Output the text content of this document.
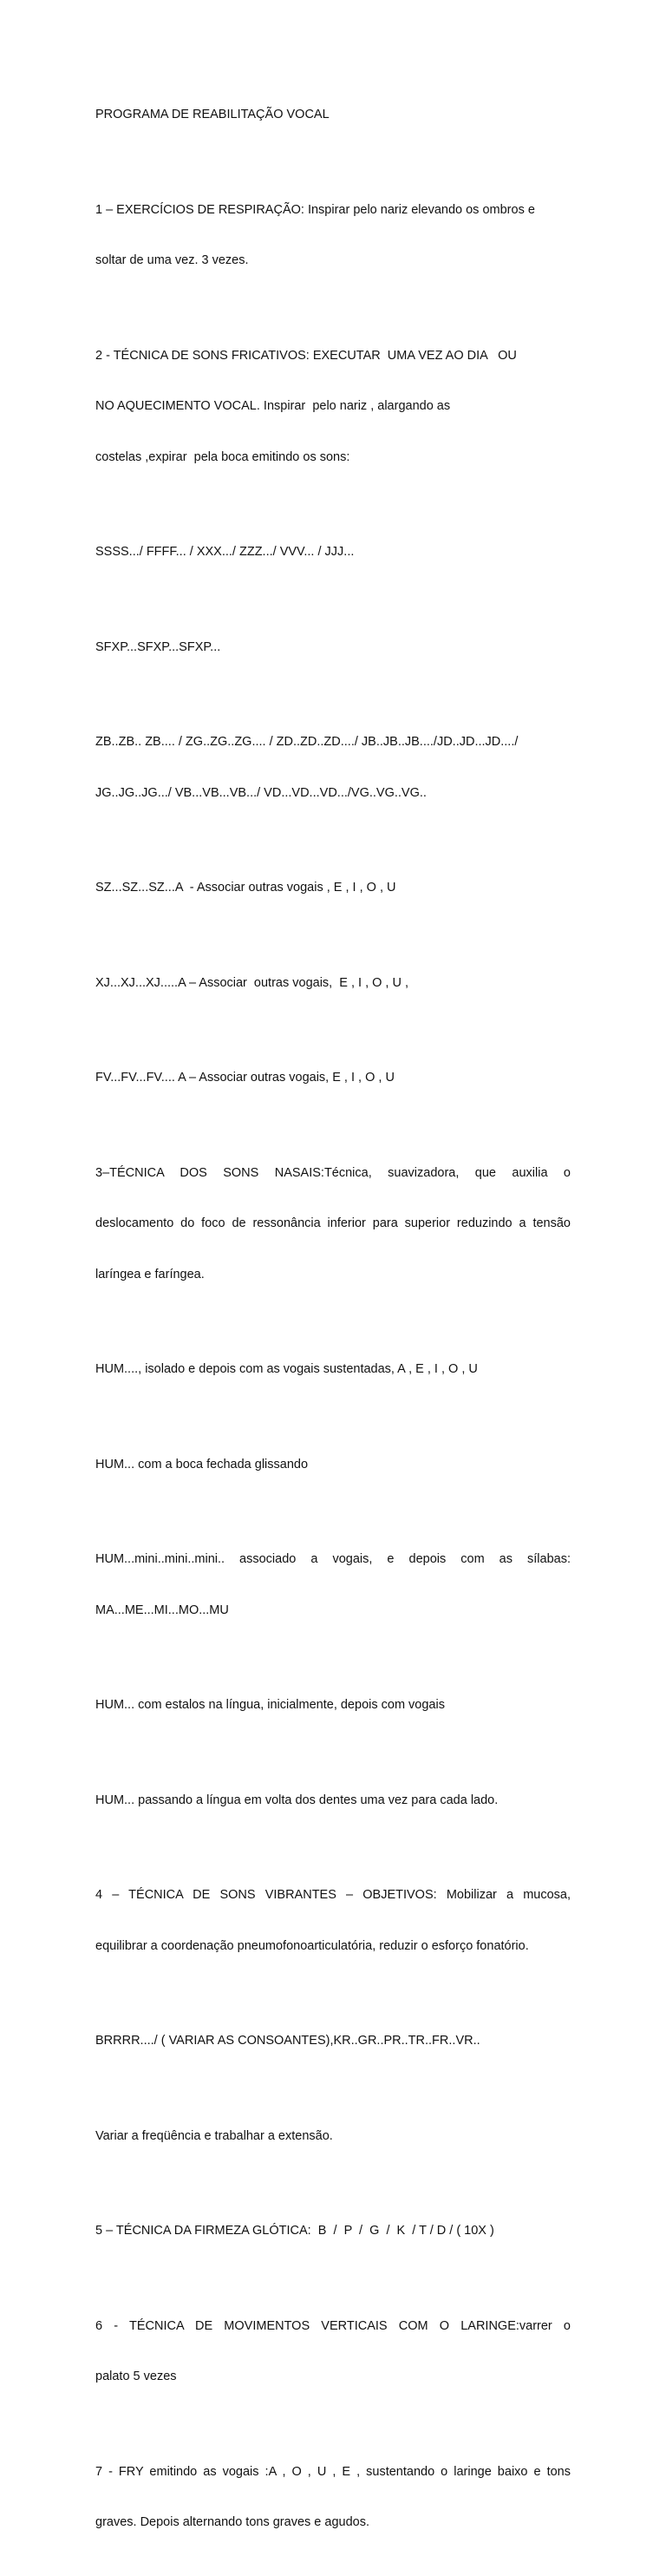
PROGRAMA DE REABILITAÇÃO VOCAL

1 – EXERCÍCIOS DE RESPIRAÇÃO: Inspirar pelo nariz elevando os ombros e

soltar de uma vez. 3 vezes.

2 - TÉCNICA DE SONS FRICATIVOS: EXECUTAR  UMA VEZ AO DIA   OU

NO AQUECIMENTO VOCAL. Inspirar  pelo nariz , alargando as

costelas ,expirar  pela boca emitindo os sons:

SSSS.../ FFFF... / XXX.../ ZZZ.../ VVV... / JJJ...

SFXP...SFXP...SFXP...

ZB..ZB.. ZB.... / ZG..ZG..ZG.... / ZD..ZD..ZD..../ JB..JB..JB..../JD..JD...JD..../

JG..JG..JG.../ VB...VB...VB.../ VD...VD...VD.../VG..VG..VG..

SZ...SZ...SZ...A  - Associar outras vogais , E , I , O , U

XJ...XJ...XJ.....A – Associar  outras vogais,  E , I , O , U ,

FV...FV...FV.... A – Associar outras vogais, E , I , O , U

3–TÉCNICA DOS SONS NASAIS:Técnica, suavizadora, que auxilia o

deslocamento do foco de ressonância inferior para superior reduzindo a tensão

laríngea e faríngea.

HUM...., isolado e depois com as vogais sustentadas, A , E , I , O , U

HUM... com a boca fechada glissando

HUM...mini..mini..mini.. associado a vogais, e depois com as sílabas:

MA...ME...MI...MO...MU

HUM... com estalos na língua, inicialmente, depois com vogais

HUM... passando a língua em volta dos dentes uma vez para cada lado.

4 – TÉCNICA DE SONS VIBRANTES – OBJETIVOS: Mobilizar a mucosa,

equilibrar a coordenação pneumofonoarticulatória, reduzir o esforço fonatório.

BRRRR..../ ( VARIAR AS CONSOANTES),KR..GR..PR..TR..FR..VR..

Variar a freqüência e trabalhar a extensão.

5 – TÉCNICA DA FIRMEZA GLÓTICA:  B  /  P  /  G  /  K  / T / D / ( 10X )

6 - TÉCNICA DE MOVIMENTOS VERTICAIS COM O LARINGE:varrer o

palato 5 vezes

7 - FRY emitindo as vogais :A , O , U , E , sustentando o laringe baixo e tons

graves. Depois alternando tons graves e agudos.
